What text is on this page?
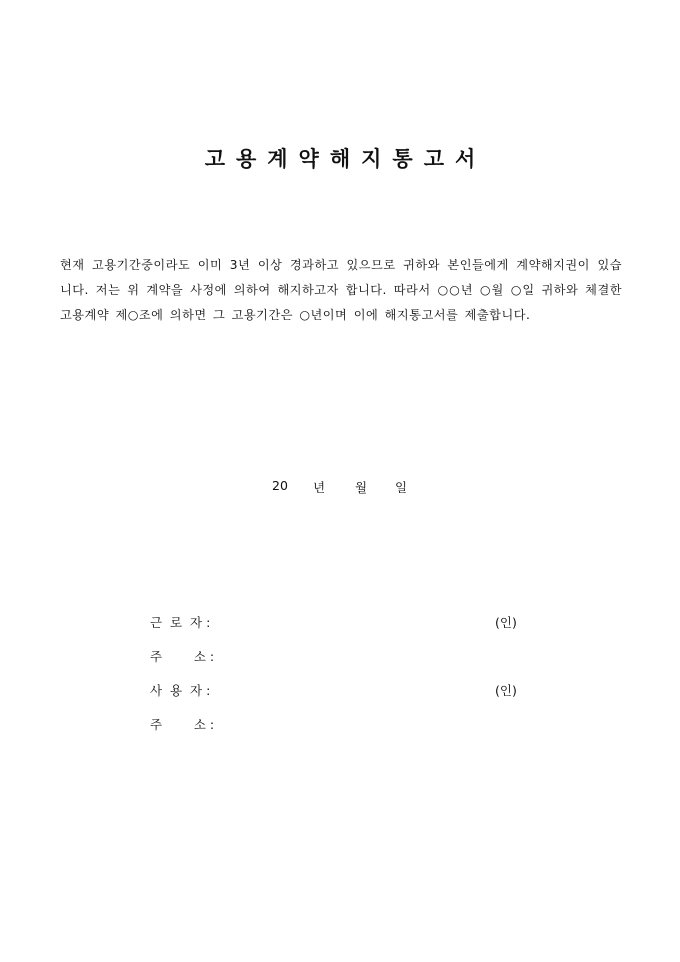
고용계약해지통고서
현재 고용기간중이라도 이미 3년 이상 경과하고 있으므로 귀하와 본인들에게 계약해지권이 있습니다. 저는 위 계약을 사정에 의하여 해지하고자 합니다. 따라서 ○○년 ○월 ○일 귀하와 체결한 고용계약 제○조에 의하면 그 고용기간은 ○년이며 이에 해지통고서를 제출합니다.
20 년 월 일
근  로  자 :	(인)
주        소 :
사  용  자 :	(인)
주        소 :
